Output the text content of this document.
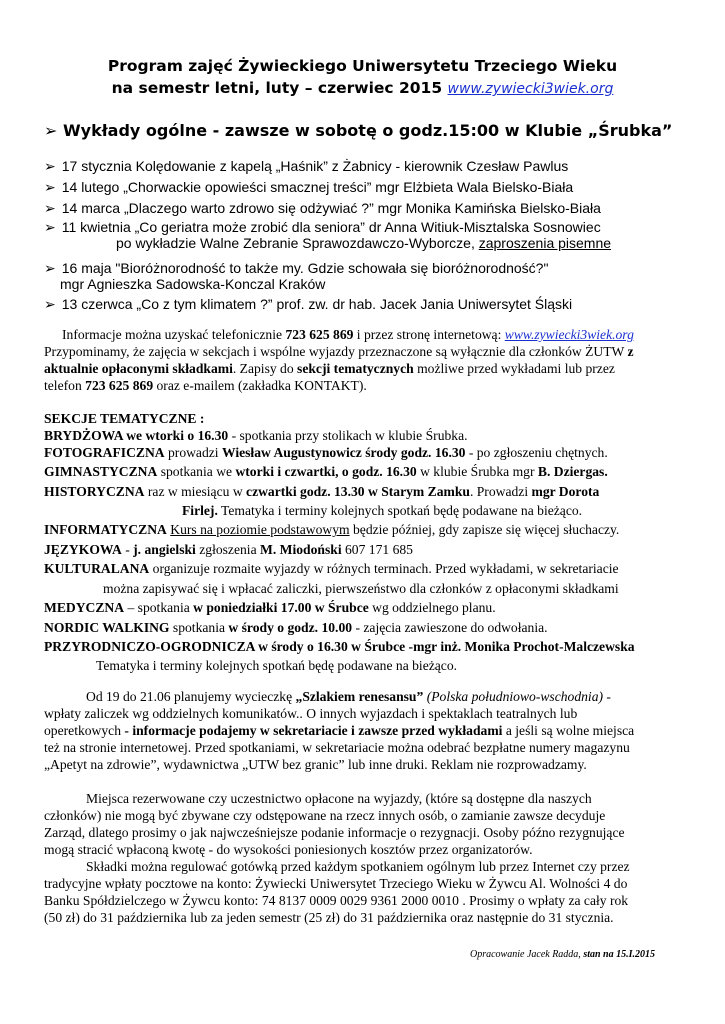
Program zajęć Żywieckiego Uniwersytetu Trzeciego Wieku
na semestr letni, luty – czerwiec 2015 www.zywiecki3wiek.org
➢ Wykłady ogólne - zawsze w sobotę o godz.15:00 w Klubie „Śrubka”
➢ 17 stycznia Kolędowanie z kapelą „Haśnik” z Żabnicy - kierownik Czesław Pawlus
➢ 14 lutego „Chorwackie opowieści smacznej treści” mgr Elżbieta Wala Bielsko-Biała
➢ 14 marca „Dlaczego warto zdrowo się odżywiać ?” mgr Monika Kamińska Bielsko-Biała
➢ 11 kwietnia „Co geriatra może zrobić dla seniora” dr Anna Witiuk-Misztalska Sosnowiec
po wykładzie Walne Zebranie Sprawozdawczo-Wyborcze, zaproszenia pisemne
➢ 16 maja "Bioróżnorodność to także my. Gdzie schowała się bioróżnorodność?"
mgr Agnieszka Sadowska-Konczal Kraków
➢ 13 czerwca „Co z tym klimatem ?” prof. zw. dr hab. Jacek Jania Uniwersytet Śląski
Informacje można uzyskać telefonicznie 723 625 869 i przez stronę internetową: www.zywiecki3wiek.org
Przypominamy, że zajęcia w sekcjach i wspólne wyjazdy przeznaczone są wyłącznie dla członków ŻUTW z
aktualnie opłaconymi składkami. Zapisy do sekcji tematycznych możliwe przed wykładami lub przez
telefon 723 625 869 oraz e-mailem (zakładka KONTAKT).
SEKCJE TEMATYCZNE :
BRYDŻOWA we wtorki o 16.30 - spotkania przy stolikach w klubie Śrubka.
FOTOGRAFICZNA prowadzi Wiesław Augustynowicz środy godz. 16.30 - po zgłoszeniu chętnych.
GIMNASTYCZNA spotkania we wtorki i czwartki, o godz. 16.30 w klubie Śrubka mgr B. Dziergas.
HISTORYCZNA raz w miesiącu w czwartki godz. 13.30 w Starym Zamku. Prowadzi mgr Dorota
Firlej. Tematyka i terminy kolejnych spotkań będę podawane na bieżąco.
INFORMATYCZNA Kurs na poziomie podstawowym będzie później, gdy zapisze się więcej słuchaczy.
JĘZYKOWA - j. angielski zgłoszenia M. Miodoński 607 171 685
KULTURALANA organizuje rozmaite wyjazdy w różnych terminach. Przed wykładami, w sekretariacie
można zapisywać się i wpłacać zaliczki, pierwszeństwo dla członków z opłaconymi składkami
MEDYCZNA – spotkania w poniedziałki 17.00 w Śrubce wg oddzielnego planu.
NORDIC WALKING spotkania w środy o godz. 10.00 - zajęcia zawieszone do odwołania.
PRZYRODNICZO-OGRODNICZA w środy o 16.30 w Śrubce -mgr inż. Monika Prochot-Malczewska
Tematyka i terminy kolejnych spotkań będę podawane na bieżąco.
Od 19 do 21.06 planujemy wycieczkę „Szlakiem renesansu” (Polska południowo-wschodnia) -
wpłaty zaliczek wg oddzielnych komunikatów.. O innych wyjazdach i spektaklach teatralnych lub
operetkowych - informacje podajemy w sekretariacie i zawsze przed wykładami a jeśli są wolne miejsca
też na stronie internetowej. Przed spotkaniami, w sekretariacie można odebrać bezpłatne numery magazynu
„Apetyt na zdrowie”, wydawnictwa „UTW bez granic” lub inne druki. Reklam nie rozprowadzamy.
Miejsca rezerwowane czy uczestnictwo opłacone na wyjazdy, (które są dostępne dla naszych
członków) nie mogą być zbywane czy odstępowane na rzecz innych osób, o zamianie zawsze decyduje
Zarząd, dlatego prosimy o jak najwcześniejsze podanie informacje o rezygnacji. Osoby późno rezygnujące
mogą stracić wpłaconą kwotę - do wysokości poniesionych kosztów przez organizatorów.
Składki można regulować gotówką przed każdym spotkaniem ogólnym lub przez Internet czy przez
tradycyjne wpłaty pocztowe na konto: Żywiecki Uniwersytet Trzeciego Wieku w Żywcu Al. Wolności 4 do
Banku Spółdzielczego w Żywcu konto: 74 8137 0009 0029 9361 2000 0010 . Prosimy o wpłaty za cały rok
(50 zł) do 31 października lub za jeden semestr (25 zł) do 31 października oraz następnie do 31 stycznia.
Opracowanie Jacek Radda, stan na 15.I.2015
